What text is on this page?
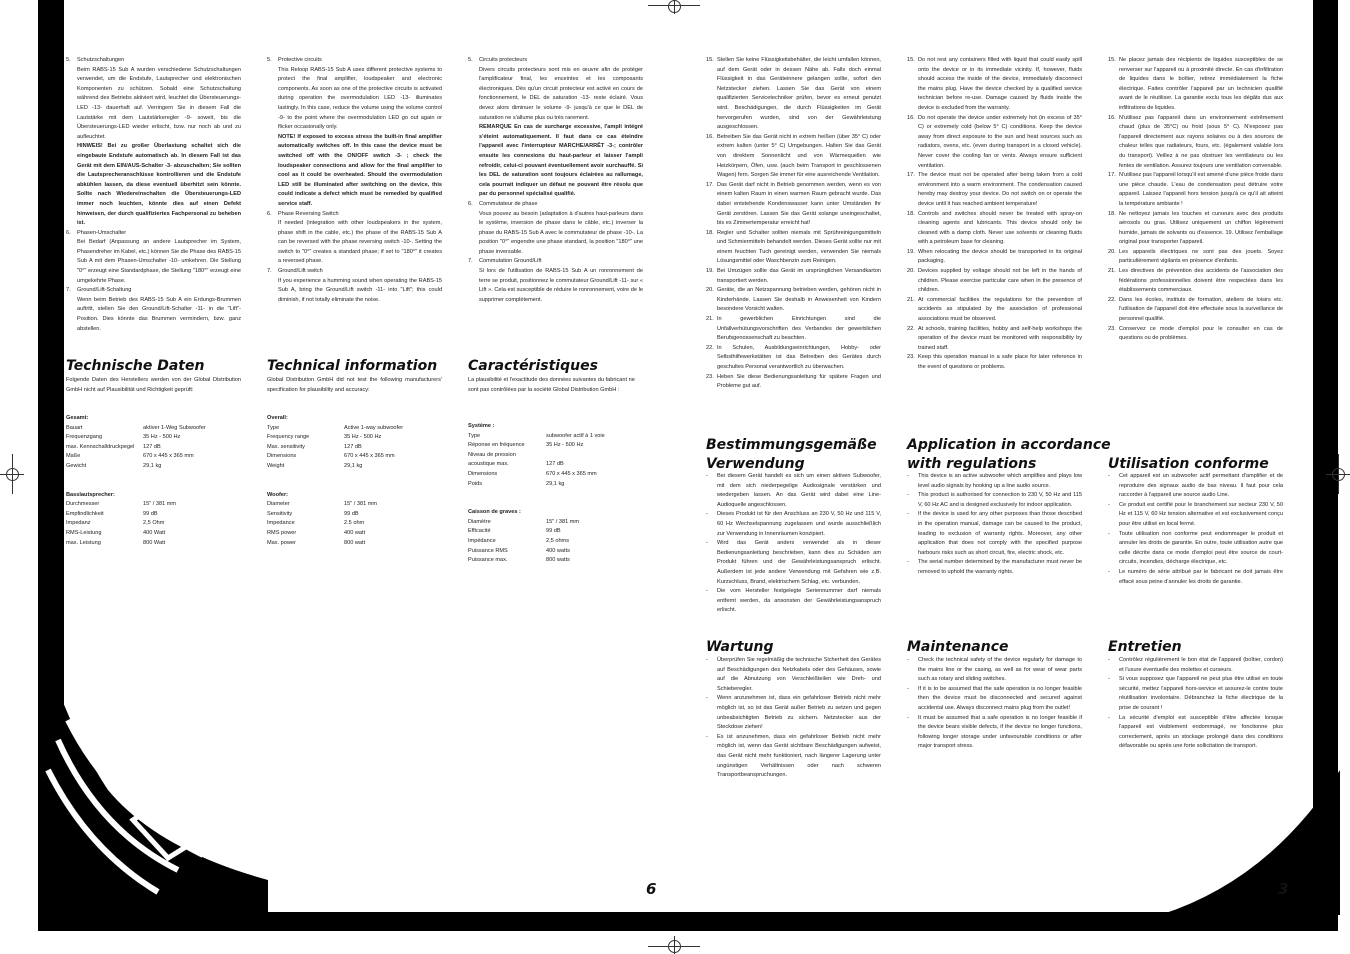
5.	Schutzschaltungen

Beim RABS-15 Sub A wurden verschiedene Schutzschaltungen verwendet, um die Endstufe, Lautsprecher und elektronischen Komponenten zu schützen. Sobald eine Schutzschaltung während des Betriebs aktiviert wird, leuchtet die Übersteuerungs-LED -13- dauerhaft auf. Verringern Sie in diesem Fall die Lautstärke mit dem Lautstärkeregler -9- soweit, bis die Übersteuerungs-LED wieder erlischt, bzw. nur noch ab und zu aufleuchtet.

HINWEIS! Bei zu großer Überlastung schaltet sich die eingebaute Endstufe automatisch ab. In diesem Fall ist das Gerät mit dem EIN/AUS-Schalter -3- abzuschalten; Sie sollten die Lautsprecheranschlüsse kontrollieren und die Endstufe abkühlen lassen, da diese eventuell überhitzt sein könnte. Sollte nach Wiedereinschalten die Übersteuerungs-LED immer noch leuchten, könnte dies auf einen Defekt hinweisen, der durch qualifiziertes Fachpersonal zu beheben ist.

6.	Phasen-Umschalter

Bei Bedarf (Anpassung an andere Lautsprecher im System, Phasendreher im Kabel, etc.) können Sie die Phase des RABS-15 Sub A mit dem Phasen-Umschalter -10- umkehren. Die Stellung "0°" erzeugt eine Standardphase, die Stellung "180°" erzeugt eine umgekehrte Phase.

7.	Ground/Lift-Schaltung

Wenn beim Betrieb des RABS-15 Sub A ein Erdungs-Brummen auftritt, stellen Sie den Ground/Lift-Schalter -11- in die "Lift"-Position. Dies könnte das Brummen vermindern, bzw. ganz abstellen.

5.	Protective circuits

This Reloop RABS-15 Sub A uses different protective systems to protect the final amplifier, loudspeaker and electronic components. As soon as one of the protective circuits is activated during operation the overmodulation LED -13- illuminates lastingly. In this case, reduce the volume using the volume control -9- to the point where the overmodulation LED go out again or flicker occasionally only.

NOTE! If exposed to excess stress the built-in final amplifier automatically switches off. In this case the device must be switched off with the ON/OFF switch -3- ; check the loudspeaker connections and allow for the final amplifier to cool as it could be overheated. Should the overmodulation LED still be illuminated after switching on the device, this could indicate a defect which must be remedied by qualified service staff.

6.	Phase Reversing Switch

If needed (integration with other loudspeakers in the system, phase shift in the cable, etc.) the phase of the RABS-15 Sub A can be reversed with the phase reversing switch -10-. Setting the switch to "0°" creates a standard phase; if set to "180°" it creates a reversed phase.

7.	Ground/Lift switch

If you experience a humming sound when operating the RABS-15 Sub A, bring the Ground/Lift switch -11- into "Lift"; this could diminish, if not totally eliminate the noise.

5.	Circuits protecteurs

Divers circuits protecteurs sont mis en œuvre afin de protéger l'amplificateur final, les enceintes et les composants électroniques. Dès qu'un circuit protecteur est activé en cours de fonctionnement, le DEL de saturation -13- reste éclairé. Vous devez alors diminuer le volume -9- jusqu'à ce que le DEL de saturation ne s'allume plus ou très rarement.

REMARQUE En cas de surcharge excessive, l'ampli intégré s'éteint automatiquement. Il faut dans ce cas éteindre l'appareil avec l'interrupteur MARCHE/ARRÊT -3-; contrôler ensuite les connexions du haut-parleur et laisser l'ampli refroidir, celui-ci pouvant éventuellement avoir surchauffé. Si les DEL de saturation sont toujours éclairées au rallumage, cela pourrait indiquer un défaut ne pouvant être résolu que par du personnel spécialisé qualifié.

6.	Commutateur de phase

Vous pouvez au besoin (adaptation à d'autres haut-parleurs dans le système, inversion de phase dans le câble, etc.) inverser la phase du RABS-15 Sub A avec le commutateur de phase -10-. La position "0°" engendre une phase standard, la position "180°" une phase inversable.

7.	Commutation Ground/Lift

Si lors de l'utilisation de RABS-15 Sub A un ronronnement de terre se produit, positionnez le commutateur Ground/Lift -11- sur « Lift ». Cela est susceptible de réduire le ronronnement, voire de le supprimer complètement.

Technische Daten	Technical information Caractéristiques
Folgende Daten des Herstellers werden von der Global Distribution GmbH nicht auf Plausibilität und Richtigkeit geprüft:
Global Distribution GmbH did not test the following manufacturers' specification for plausibility and accuracy:
La plausibilité et l'exactitude des données suivantes du fabricant ne sont pas contrôlées par la société Global Distribution GmbH :
Gesamt:
Bauart	aktiver 1-Weg Subwoofer
Frequenzgang	35 Hz - 500 Hz
max. Kennschalldruckpegel	127 dB
Maße	670 x 445 x 365 mm
Gewicht	29,1 kg
Basslautsprecher:
Durchmesser	15" / 381 mm
Empfindlichkeit	99 dB
Impedanz	2,5 Ohm
RMS-Leistung	400 Watt
max. Leistung	800 Watt
Overall:
Type	Active 1-way subwoofer
Frequency range	35 Hz - 500 Hz
Max. sensitivity	127 dB
Dimensions	670 x 445 x 365 mm
Weight	29,1 kg
Woofer:
Diameter	15" / 381 mm
Sensitivity	99 dB
Impedance	2.5 ohm
RMS power	400 watt
Max. power	800 watt
Système :
Type	subwoofer actif à 1 voie
Réponse en fréquence	35 Hz - 500 Hz
Niveau de pression
acoustique max.	127 dB
Dimensions	670 x 445 x 365 mm
Poids	29,1 kg
Caisson de graves :
Diamètre	15" / 381 mm
Efficacité	99 dB
Impédance	2,5 ohms
Puissance RMS	400 watts
Puissance max.	800 watts
15. Stellen Sie keine Flüssigkeitsbehälter, die leicht umfallen können, auf dem Gerät oder in dessen Nähe ab. Falls doch einmal Flüssigkeit in das Geräteinnere gelangen sollte, sofort den Netzstecker ziehen. Lassen Sie das Gerät von einem qualifizierten Servicetechniker prüfen, bevor es erneut genutzt wird. Beschädigungen, die durch Flüssigkeiten im Gerät hervorgerufen wurden, sind von der Gewährleistung ausgeschlossen.
16. Betreiben Sie das Gerät nicht in extrem heißen (über 35° C) oder extrem kalten (unter 5° C) Umgebungen. Halten Sie das Gerät von direktem Sonnenlicht und von Wärmequellen wie Heizkörpern, Öfen, usw. (auch beim Transport in geschlossenen Wagen) fern. Sorgen Sie immer für eine ausreichende Ventilation.
17. Das Gerät darf nicht in Betrieb genommen werden, wenn es von einem kalten Raum in einen warmen Raum gebracht wurde. Das dabei entstehende Kondenswasser kann unter Umständen Ihr Gerät zerstören. Lassen Sie das Gerät solange uneingeschaltet, bis es Zimmertemperatur erreicht hat!
18. Regler und Schalter sollten niemals mit Sprühreinigungsmitteln und Schmiermitteln behandelt werden. Dieses Gerät sollte nur mit einem feuchten Tuch gereinigt werden, verwenden Sie niemals Lösungsmittel oder Waschbenzin zum Reinigen.
19. Bei Umzügen sollte das Gerät im ursprünglichen Versandkarton transportiert werden.
20. Geräte, die an Netzspannung betrieben werden, gehören nicht in Kinderhände. Lassen Sie deshalb in Anwesenheit von Kindern besondere Vorsicht walten.
21. In gewerblichen Einrichtungen sind die Unfallverhütungsvorschriften des Verbandes der gewerblichen Berufsgenossenschaft zu beachten.
22. In Schulen, Ausbildungseinrichtungen, Hobby- oder Selbsthilfewerkstätten ist das Betreiben des Gerätes durch geschultes Personal verantwortlich zu überwachen.
23. Heben Sie diese Bedienungsanleitung für spätere Fragen und Probleme gut auf.
15. Do not rest any containers filled with liquid that could easily spill onto the device or in its immediate vicinity. If, however, fluids should access the inside of the device, immediately disconnect the mains plug. Have the device checked by a qualified service technician before re-use. Damage caused by fluids inside the device is excluded from the warranty.
16. Do not operate the device under extremely hot (in excess of 35° C) or extremely cold (below 5° C) conditions. Keep the device away from direct exposure to the sun and heat sources such as radiators, ovens, etc. (even during transport in a closed vehicle). Never cover the cooling fan or vents. Always ensure sufficient ventilation.
17. The device must not be operated after being taken from a cold environment into a warm environment. The condensation caused hereby may destroy your device. Do not switch on or operate the device until it has reached ambient temperature!
18. Controls and switches should never be treated with spray-on cleaning agents and lubricants. This device should only be cleaned with a damp cloth. Never use solvents or cleaning fluids with a petroleum base for cleaning.
19. When relocating the device should be transported in its original packaging.
20. Devices supplied by voltage should not be left in the hands of children. Please exercise particular care when in the presence of children.
21. At commercial facilities the regulations for the prevention of accidents as stipulated by the association of professional associations must be observed.
22. At schools, training facilities, hobby and self-help workshops the operation of the device must be monitored with responsibility by trained staff.
23. Keep this operation manual in a safe place for later reference in the event of questions or problems.
15. Ne placez jamais des récipients de liquides susceptibles de se renverser sur l'appareil ou à proximité directe. En cas d'infiltration de liquides dans le boîtier, retirez immédiatement la fiche électrique. Faites contrôler l'appareil par un technicien qualifié avant de le réutiliser. La garantie exclu tous les dégâts dus aux infiltrations de liquides.
16. N'utilisez pas l'appareil dans un environnement extrêmement chaud (plus de 35°C) ou froid (sous 5° C). N'exposez pas l'appareil directement aux rayons solaires ou à des sources de chaleur telles que radiateurs, fours, etc. (également valable lors du transport). Veillez à ne pas obstruer les ventilateurs ou les fentes de ventilation. Assurez toujours une ventilation convenable.
17. N'utilisez pas l'appareil lorsqu'il est amené d'une pièce froide dans une pièce chaude. L'eau de condensation peut détruire votre appareil. Laissez l'appareil hors tension jusqu'à ce qu'il ait atteint la température ambiante !
18. Ne nettoyez jamais les touches et curseurs avec des produits aérosols ou gras. Utilisez uniquement un chiffon légèrement humide, jamais de solvants ou d'essence. 19. Utilisez l'emballage original pour transporter l'appareil.
20. Les appareils électriques ne sont pas des jouets. Soyez particulièrement vigilants en présence d'enfants.
21. Les directives de prévention des accidents de l'association des fédérations professionnelles doivent être respectées dans les établissements commerciaux.
22. Dans les écoles, instituts de formation, ateliers de loisirs etc. l'utilisation de l'appareil doit être effectuée sous la surveillance de personnel qualifié.
23. Conservez ce mode d'emploi pour le consulter en cas de questions ou de problèmes.
Bestimmungsgemäße
Verwendung
Application in accordance
with regulations	Utilisation conforme
-	Bei diesem Gerät handelt es sich um einen aktiven Subwoofer, mit dem sich niederpegelige Audiosignale verstärken und wiedergeben lassen. An das Gerät wird dabei eine Line-Audioquelle angeschlossen.
-	Dieses Produkt ist für den Anschluss an 230 V, 50 Hz und 115 V, 60 Hz Wechselspannung zugelassen und wurde ausschließlich zur Verwendung in Innenräumen konzipiert.
-	Wird das Gerät anders verwendet als in dieser Bedienungsanleitung beschrieben, kann dies zu Schäden am Produkt führen und der Gewährleistungsanspruch erlischt. Außerdem ist jede andere Verwendung mit Gefahren wie z.B. Kurzschluss, Brand, elektrischem Schlag, etc. verbunden.
-	Die vom Hersteller festgelegte Seriennummer darf niemals entfernt werden, da ansonsten der Gewährleistungsanspruch erlischt.
-	This device is an active subwoofer which amplifies and plays low level audio signals by hooking up a line audio source.
-	This product is authorised for connection to 230 V, 50 Hz and 115 V, 60 Hz AC and is designed exclusively for indoor application.
-	If the device is used for any other purposes than those described in the operation manual, damage can be caused to the product, leading to exclusion of warranty rights. Moreover, any other application that does not comply with the specified purpose harbours risks such as short circuit, fire, electric shock, etc.
-	The serial number determined by the manufacturer must never be removed to uphold the warranty rights.
-	Cet appareil est un subwoofer actif permettant d'amplifier et de reproduire des signaux audio de bas niveau. Il faut pour cela raccorder à l'appareil une source audio Line.
-	Ce produit est certifié pour le branchement sur secteur 230 V, 50 Hz et 115 V, 60 Hz tension alternative et est exclusivement conçu pour être utilisé en local fermé.
-	Toute utilisation non conforme peut endommager le produit et annuler les droits de garantie. En outre, toute utilisation autre que celle décrite dans ce mode d'emploi peut être source de court-circuits, incendies, décharge électrique, etc.
-	Le numéro de série attribué par le fabricant ne doit jamais être effacé sous peine d'annuler les droits de garantie.
Wartung	Maintenance	Entretien
-	Überprüfen Sie regelmäßig die technische Sicherheit des Gerätes auf Beschädigungen des Netzkabels oder des Gehäuses, sowie auf die Abnutzung von Verschleißteilen wie Dreh- und Schieberegler.
-	Wenn anzunehmen ist, dass ein gefahrloser Betrieb nicht mehr möglich ist, so ist das Gerät außer Betrieb zu setzen und gegen unbeabsichtigten Betrieb zu sichern. Netzstecker aus der Steckdose ziehen!
-	Es ist anzunehmen, dass ein gefahrloser Betrieb nicht mehr möglich ist, wenn das Gerät sichtbare Beschädigungen aufweist, das Gerät nicht mehr funktioniert, nach längerer Lagerung unter ungünstigen Verhältnissen oder nach schweren Transportbeanspruchungen.
-	Check the technical safety of the device regularly for damage to the mains line or the casing, as well as for wear of wear parts such as rotary and sliding switches.
-	If it is to be assumed that the safe operation is no longer feasible then the device must be disconnected and secured against accidental use. Always disconnect mains plug from the outlet!
-	It must be assumed that a safe operation is no longer feasible if the device bears visible defects, if the device no longer functions, following longer storage under unfavourable conditions or after major transport stress.
-	Contrôlez régulièrement le bon état de l'appareil (boîtier, cordon) et l'usure éventuelle des molettes et curseurs.
-	Si vous supposez que l'appareil ne peut plus être utilisé en toute sécurité, mettez l'appareil hors-service et assurez-le contre toute réutilisation involontaire. Débranchez la fiche électrique de la prise de courant !
-	La sécurité d'emploi est susceptible d'être affectée lorsque l'appareil est visiblement endommagé, ne fonctionne plus correctement, après un stockage prolongé dans des conditions défavorable ou après une forte sollicitation de transport.
6	3
